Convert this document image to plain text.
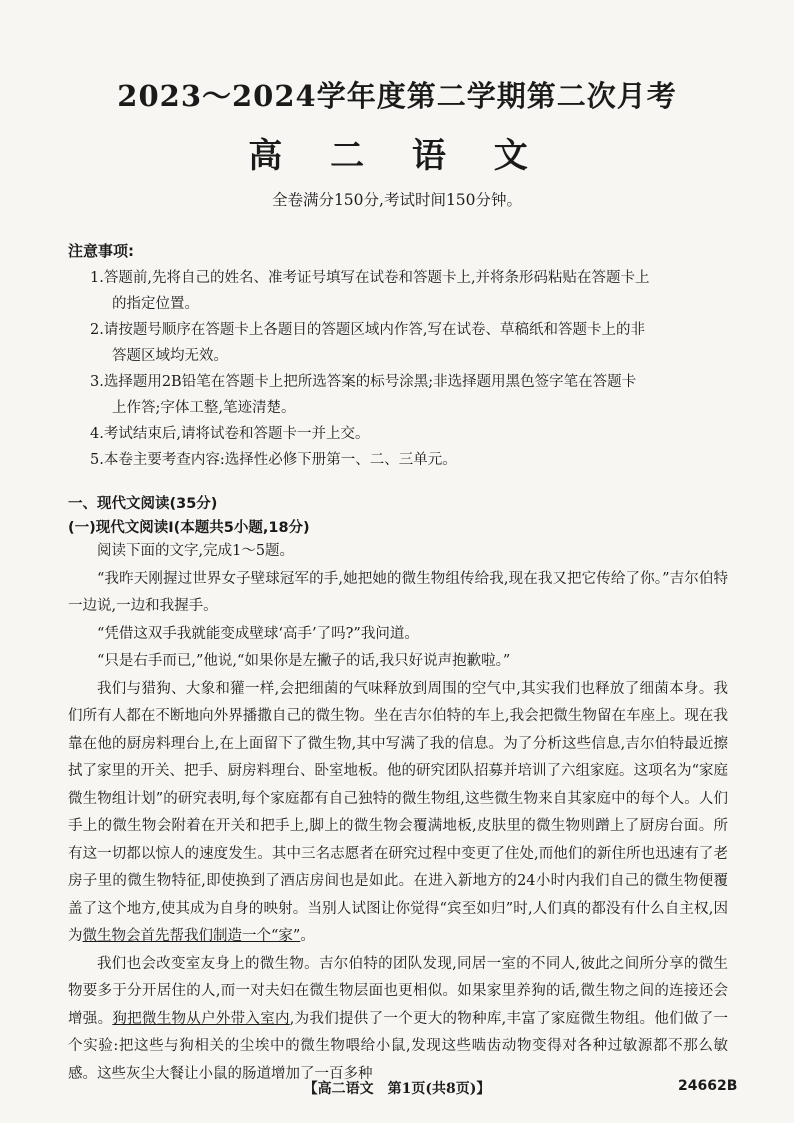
2023～2024学年度第二学期第二次月考
高 二 语 文
全卷满分150分,考试时间150分钟。
注意事项:
1.答题前,先将自己的姓名、准考证号填写在试卷和答题卡上,并将条形码粘贴在答题卡上
的指定位置。
2.请按题号顺序在答题卡上各题目的答题区域内作答,写在试卷、草稿纸和答题卡上的非
答题区域均无效。
3.选择题用2B铅笔在答题卡上把所选答案的标号涂黑;非选择题用黑色签字笔在答题卡
上作答;字体工整,笔迹清楚。
4.考试结束后,请将试卷和答题卡一并上交。
5.本卷主要考查内容:选择性必修下册第一、二、三单元。
一、现代文阅读(35分)
(一)现代文阅读Ⅰ(本题共5小题,18分)

阅读下面的文字,完成1～5题。

“我昨天刚握过世界女子壁球冠军的手,她把她的微生物组传给我,现在我又把它传给了你。”吉尔伯特一边说,一边和我握手。

“凭借这双手我就能变成壁球‘高手’了吗?”我问道。

“只是右手而已,”他说,“如果你是左撇子的话,我只好说声抱歉啦。”

我们与猎狗、大象和獾一样,会把细菌的气味释放到周围的空气中,其实我们也释放了细菌本身。我们所有人都在不断地向外界播撒自己的微生物。坐在吉尔伯特的车上,我会把微生物留在车座上。现在我靠在他的厨房料理台上,在上面留下了微生物,其中写满了我的信息。为了分析这些信息,吉尔伯特最近擦拭了家里的开关、把手、厨房料理台、卧室地板。他的研究团队招募并培训了六组家庭。这项名为“家庭微生物组计划”的研究表明,每个家庭都有自己独特的微生物组,这些微生物来自其家庭中的每个人。人们手上的微生物会附着在开关和把手上,脚上的微生物会覆满地板,皮肤里的微生物则蹭上了厨房台面。所有这一切都以惊人的速度发生。其中三名志愿者在研究过程中变更了住处,而他们的新住所也迅速有了老房子里的微生物特征,即使换到了酒店房间也是如此。在进入新地方的24小时内我们自己的微生物便覆盖了这个地方,使其成为自身的映射。当别人试图让你觉得“宾至如归”时,人们真的都没有什么自主权,因为微生物会首先帮我们制造一个“家”。

我们也会改变室友身上的微生物。吉尔伯特的团队发现,同居一室的不同人,彼此之间所分享的微生物要多于分开居住的人,而一对夫妇在微生物层面也更相似。如果家里养狗的话,微生物之间的连接还会增强。狗把微生物从户外带入室内,为我们提供了一个更大的物种库,丰富了家庭微生物组。他们做了一个实验:把这些与狗相关的尘埃中的微生物喂给小鼠,发现这些啮齿动物变得对各种过敏源都不那么敏感。这些灰尘大餐让小鼠的肠道增加了一百多种

【高二语文　第1页(共8页)】	24662B
